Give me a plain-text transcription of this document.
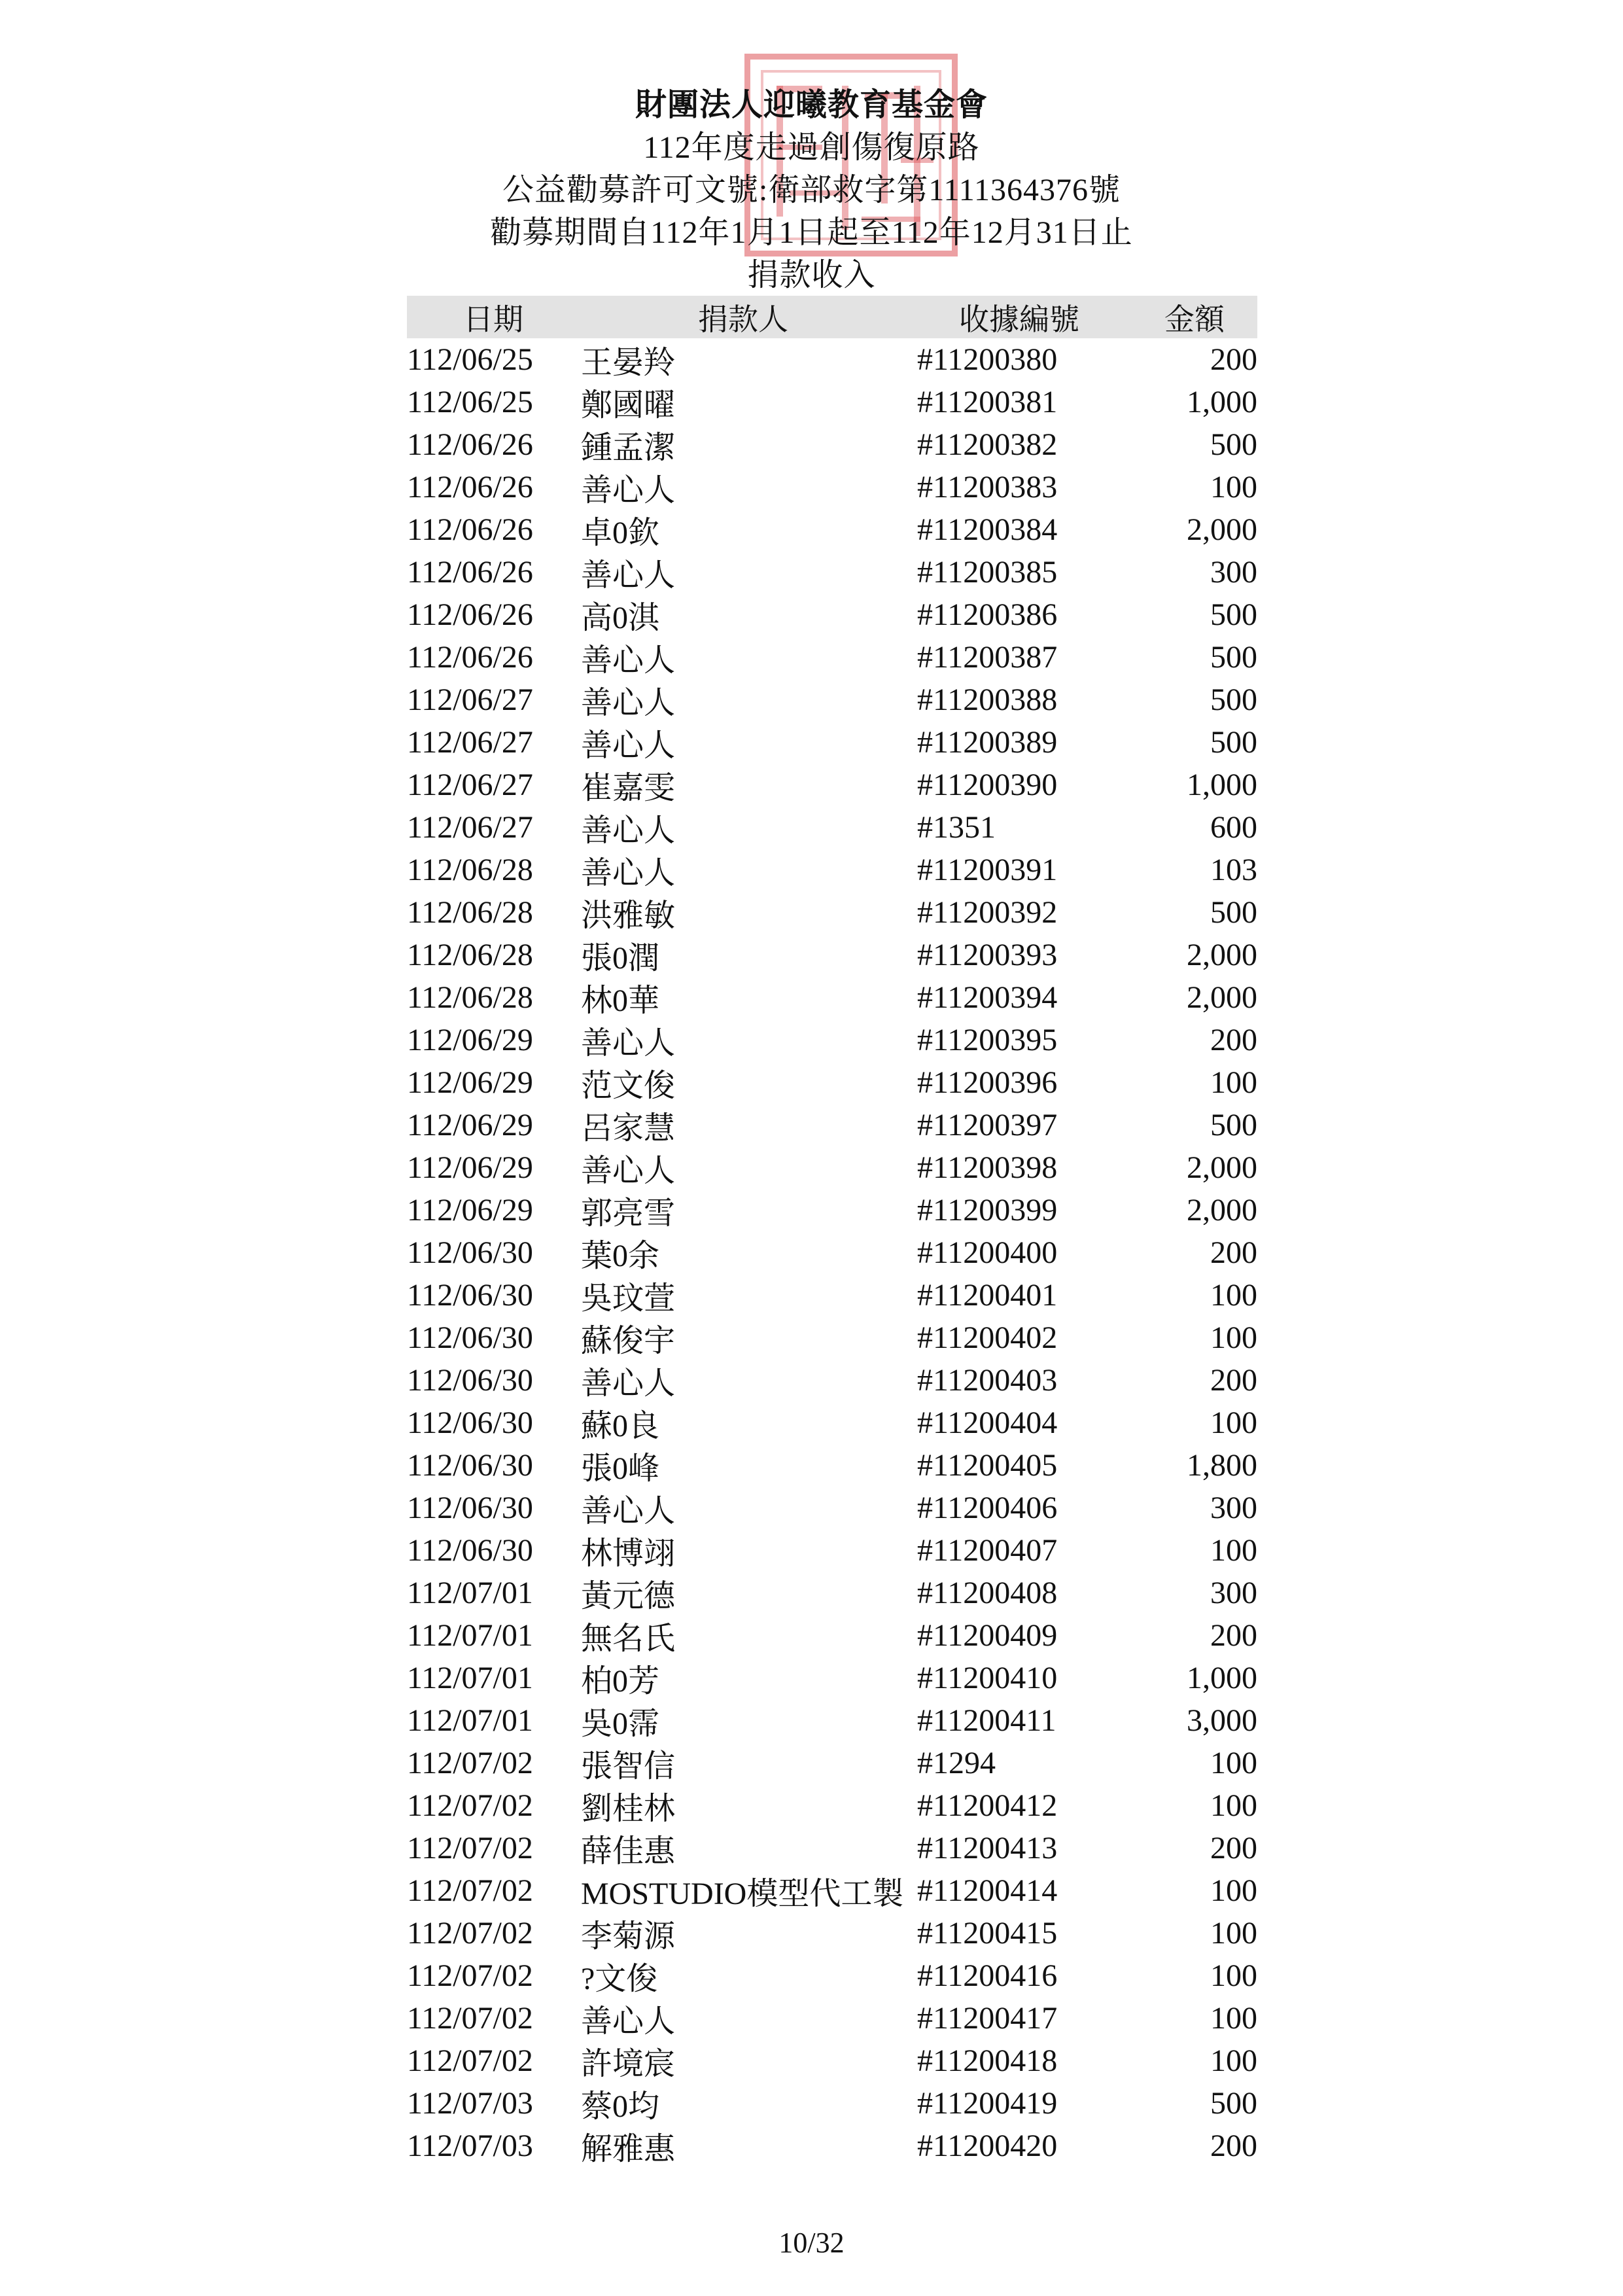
財團法人迎曦教育基金會
112年度走過創傷復原路
公益勸募許可文號:衛部救字第1111364376號
勸募期間自112年1月1日起至112年12月31日止
捐款收入
日期	捐款人	收據編號	金額
112/06/25	王晏羚	#11200380	200
112/06/25	鄭國曜	#11200381	1,000
112/06/26	鍾孟潔	#11200382	500
112/06/26	善心人	#11200383	100
112/06/26	卓0欽	#11200384	2,000
112/06/26	善心人	#11200385	300
112/06/26	高0淇	#11200386	500
112/06/26	善心人	#11200387	500
112/06/27	善心人	#11200388	500
112/06/27	善心人	#11200389	500
112/06/27	崔嘉雯	#11200390	1,000
112/06/27	善心人	#1351	600
112/06/28	善心人	#11200391	103
112/06/28	洪雅敏	#11200392	500
112/06/28	張0潤	#11200393	2,000
112/06/28	林0華	#11200394	2,000
112/06/29	善心人	#11200395	200
112/06/29	范文俊	#11200396	100
112/06/29	呂家慧	#11200397	500
112/06/29	善心人	#11200398	2,000
112/06/29	郭亮雪	#11200399	2,000
112/06/30	葉0余	#11200400	200
112/06/30	吳玟萱	#11200401	100
112/06/30	蘇俊宇	#11200402	100
112/06/30	善心人	#11200403	200
112/06/30	蘇0良	#11200404	100
112/06/30	張0峰	#11200405	1,800
112/06/30	善心人	#11200406	300
112/06/30	林博翊	#11200407	100
112/07/01	黃元德	#11200408	300
112/07/01	無名氏	#11200409	200
112/07/01	柏0芳	#11200410	1,000
112/07/01	吳0霈	#11200411	3,000
112/07/02	張智信	#1294	100
112/07/02	劉桂林	#11200412	100
112/07/02	薛佳惠	#11200413	200
112/07/02	MOSTUDIO模型代工製 #11200414	100
112/07/02	李菊源	#11200415	100
112/07/02	?文俊	#11200416	100
112/07/02	善心人	#11200417	100
112/07/02	許境宸	#11200418	100
112/07/03	蔡0均	#11200419	500
112/07/03	解雅惠	#11200420	200
10/32
